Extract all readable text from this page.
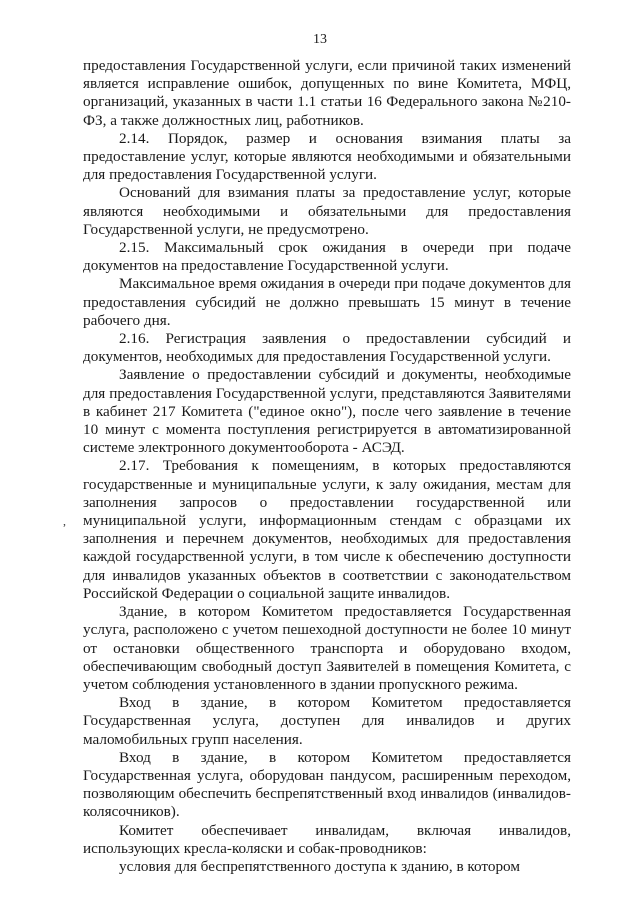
13
,

предоставления Государственной услуги, если причиной таких изменений является исправление ошибок, допущенных по вине Комитета, МФЦ, организаций, указанных в части 1.1 статьи 16 Федерального закона №210-ФЗ, а также должностных лиц, работников.

2.14. Порядок, размер и основания взимания платы за предоставление услуг, которые являются необходимыми и обязательными для предоставления Государственной услуги.

Оснований для взимания платы за предоставление услуг, которые являются необходимыми и обязательными для предоставления Государственной услуги, не предусмотрено.

2.15. Максимальный срок ожидания в очереди при подаче документов на предоставление Государственной услуги.

Максимальное время ожидания в очереди при подаче документов для предоставления субсидий не должно превышать 15 минут в течение рабочего дня.

2.16. Регистрация заявления о предоставлении субсидий и документов, необходимых для предоставления Государственной услуги.

Заявление о предоставлении субсидий и документы, необходимые для предоставления Государственной услуги, представляются Заявителями в кабинет 217 Комитета ("единое окно"), после чего заявление в течение 10 минут с момента поступления регистрируется в автоматизированной системе электронного документооборота - АСЭД.

2.17. Требования к помещениям, в которых предоставляются государственные и муниципальные услуги, к залу ожидания, местам для заполнения запросов о предоставлении государственной или муниципальной услуги, информационным стендам с образцами их заполнения и перечнем документов, необходимых для предоставления каждой государственной услуги, в том числе к обеспечению доступности для инвалидов указанных объектов в соответствии с законодательством Российской Федерации о социальной защите инвалидов.

Здание, в котором Комитетом предоставляется Государственная услуга, расположено с учетом пешеходной доступности не более 10 минут от остановки общественного транспорта и оборудовано входом, обеспечивающим свободный доступ Заявителей в помещения Комитета, с учетом соблюдения установленного в здании пропускного режима.

Вход в здание, в котором Комитетом предоставляется Государственная услуга, доступен для инвалидов и других маломобильных групп населения.

Вход в здание, в котором Комитетом предоставляется Государственная услуга, оборудован пандусом, расширенным переходом, позволяющим обеспечить беспрепятственный вход инвалидов (инвалидов-колясочников).

Комитет обеспечивает инвалидам, включая инвалидов, использующих кресла-коляски и собак-проводников:

условия для беспрепятственного доступа к зданию, в котором
